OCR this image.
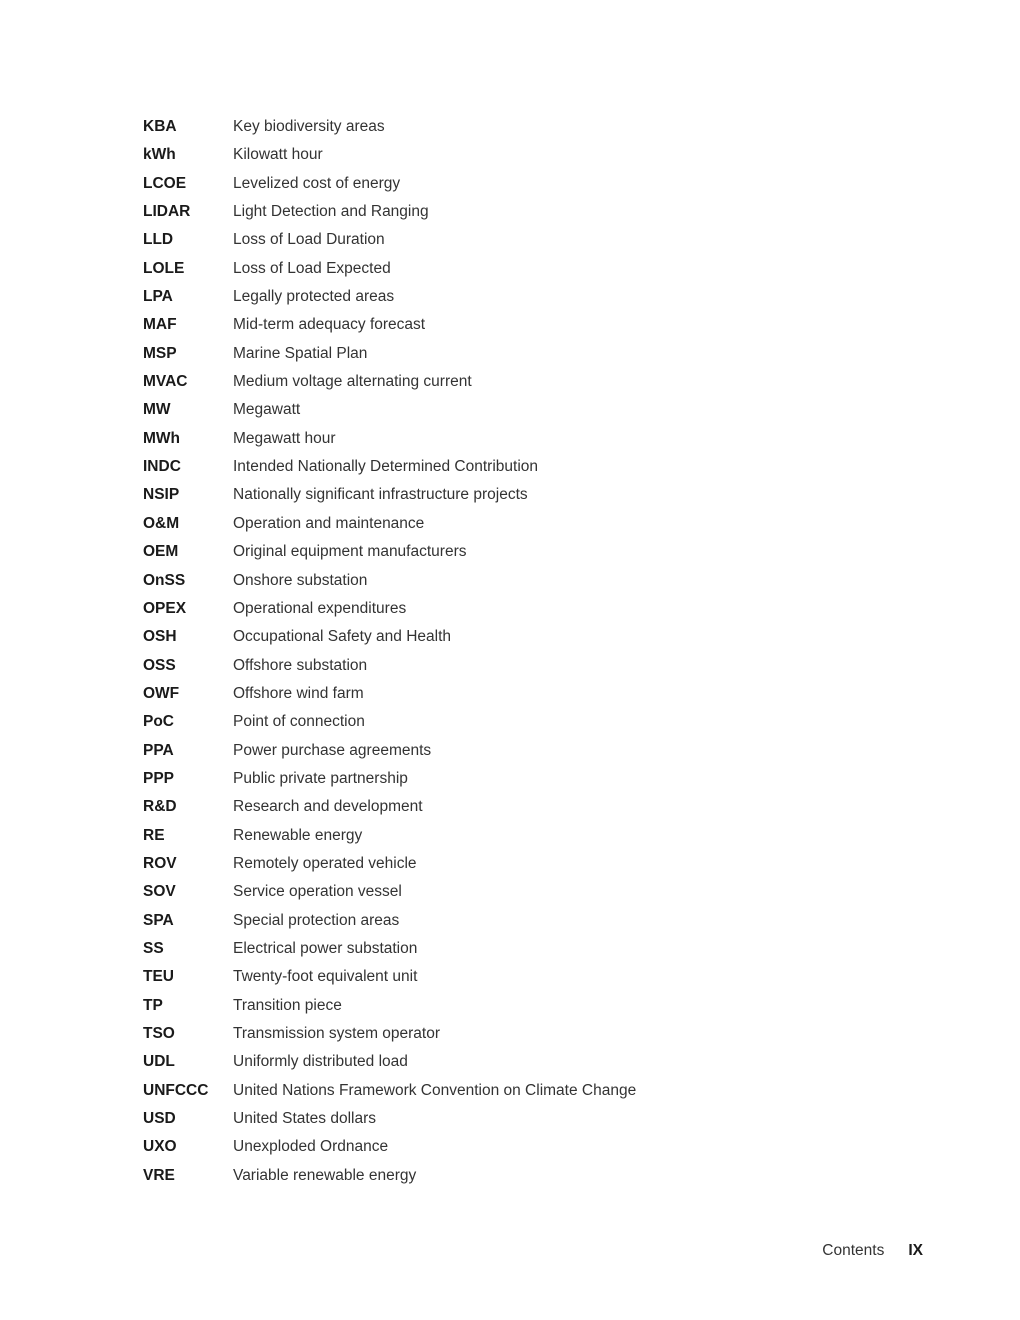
KBA	Key biodiversity areas
kWh	Kilowatt hour
LCOE	Levelized cost of energy
LIDAR	Light Detection and Ranging
LLD	Loss of Load Duration
LOLE	Loss of Load Expected
LPA	Legally protected areas
MAF	Mid-term adequacy forecast
MSP	Marine Spatial Plan
MVAC	Medium voltage alternating current
MW	Megawatt
MWh	Megawatt hour
INDC	Intended Nationally Determined Contribution
NSIP	Nationally significant infrastructure projects
O&M	Operation and maintenance
OEM	Original equipment manufacturers
OnSS	Onshore substation
OPEX	Operational expenditures
OSH	Occupational Safety and Health
OSS	Offshore substation
OWF	Offshore wind farm
PoC	Point of connection
PPA	Power purchase agreements
PPP	Public private partnership
R&D	Research and development
RE	Renewable energy
ROV	Remotely operated vehicle
SOV	Service operation vessel
SPA	Special protection areas
SS	Electrical power substation
TEU	Twenty-foot equivalent unit
TP	Transition piece
TSO	Transmission system operator
UDL	Uniformly distributed load
UNFCCC	United Nations Framework Convention on Climate Change
USD	United States dollars
UXO	Unexploded Ordnance
VRE	Variable renewable energy
Contents IX
